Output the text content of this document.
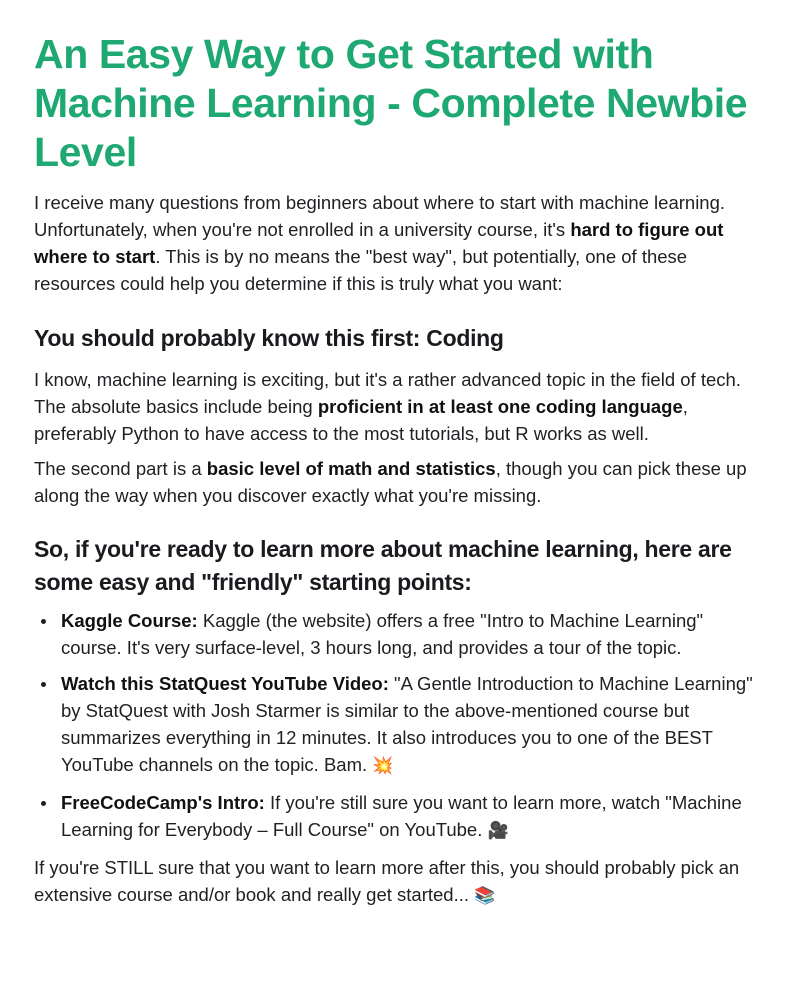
An Easy Way to Get Started with Machine Learning - Complete Newbie Level

I receive many questions from beginners about where to start with machine learning. Unfortunately, when you're not enrolled in a university course, it's hard to figure out where to start. This is by no means the "best way", but potentially, one of these resources could help you determine if this is truly what you want:

You should probably know this first: Coding

I know, machine learning is exciting, but it's a rather advanced topic in the field of tech. The absolute basics include being proficient in at least one coding language, preferably Python to have access to the most tutorials, but R works as well.

The second part is a basic level of math and statistics, though you can pick these up along the way when you discover exactly what you're missing.

So, if you're ready to learn more about machine learning, here are some easy and "friendly" starting points:
Kaggle Course: Kaggle (the website) offers a free "Intro to Machine Learning" course. It's very surface-level, 3 hours long, and provides a tour of the topic.
Watch this StatQuest YouTube Video: "A Gentle Introduction to Machine Learning" by StatQuest with Josh Starmer is similar to the above-mentioned course but summarizes everything in 12 minutes. It also introduces you to one of the BEST YouTube channels on the topic. Bam. 💥
FreeCodeCamp's Intro: If you're still sure you want to learn more, watch "Machine Learning for Everybody – Full Course" on YouTube. 🎥

If you're STILL sure that you want to learn more after this, you should probably pick an extensive course and/or book and really get started... 📚
